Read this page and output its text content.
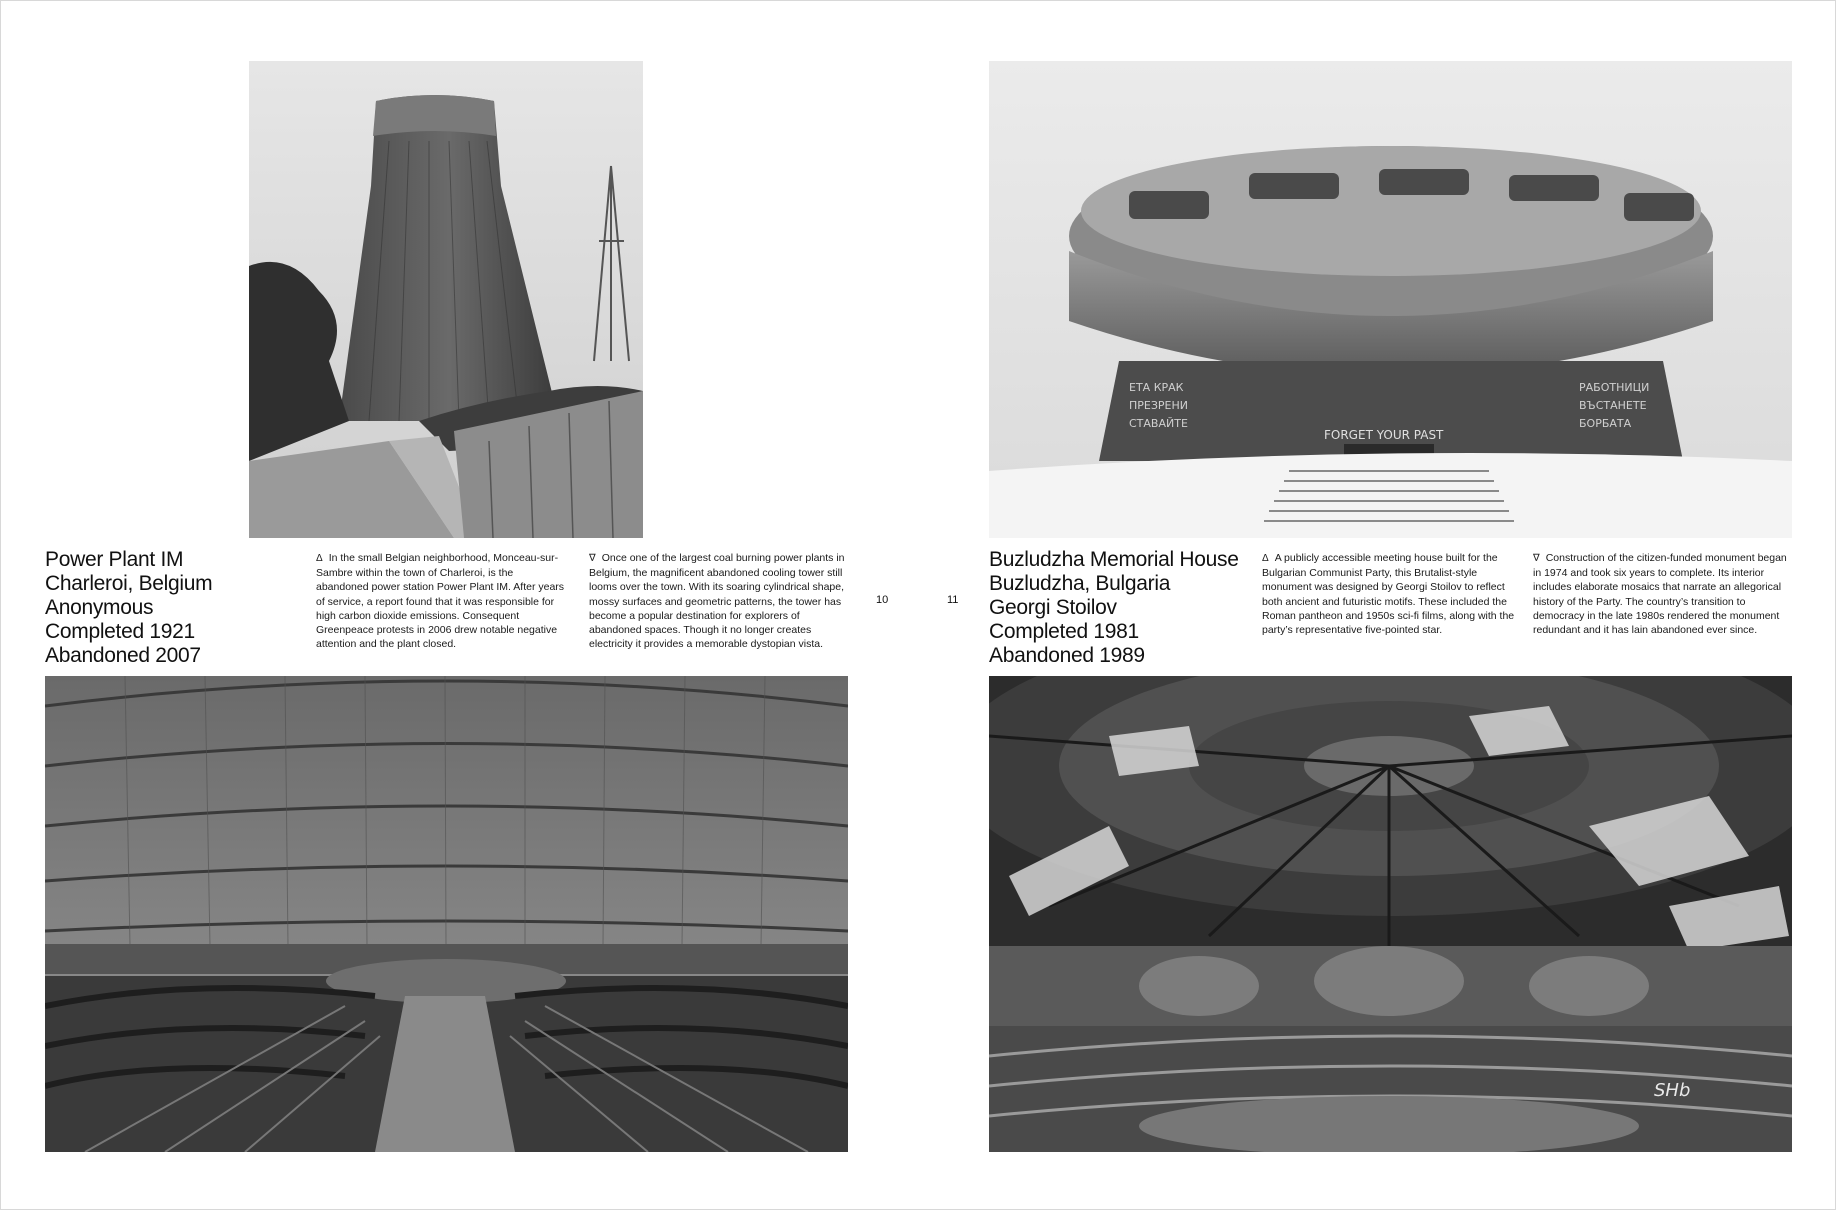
Power Plant IM
Charleroi, Belgium
Anonymous
Completed 1921
Abandoned 2007
Δ In the small Belgian neighborhood, Monceau-sur-Sambre within the town of Charleroi, is the abandoned power station Power Plant IM. After years of service, a report found that it was responsible for high carbon dioxide emissions. Consequent Greenpeace protests in 2006 drew notable negative attention and the plant closed.
∇ Once one of the largest coal burning power plants in Belgium, the magnificent abandoned cooling tower still looms over the town. With its soaring cylindrical shape, mossy surfaces and geometric patterns, the tower has become a popular destination for explorers of abandoned spaces. Though it no longer creates electricity it provides a memorable dystopian vista.
10	11
ЕТА КРАК
ПРЕЗРЕНИ
СТАВАЙТЕ
РАБОТНИЦИ
ВЪСТАНЕТЕ
БОРБАТА
FORGET YOUR PAST
Buzludzha Memorial House
Buzludzha, Bulgaria
Georgi Stoilov
Completed 1981
Abandoned 1989
Δ A publicly accessible meeting house built for the Bulgarian Communist Party, this Brutalist-style monument was designed by Georgi Stoilov to reflect both ancient and futuristic motifs. These included the Roman pantheon and 1950s sci-fi films, along with the party’s representative five-pointed star.
∇ Construction of the citizen-funded monument began in 1974 and took six years to complete. Its interior includes elaborate mosaics that narrate an allegorical history of the Party. The country’s transition to democracy in the late 1980s rendered the monument redundant and it has lain abandoned ever since.
SHb
